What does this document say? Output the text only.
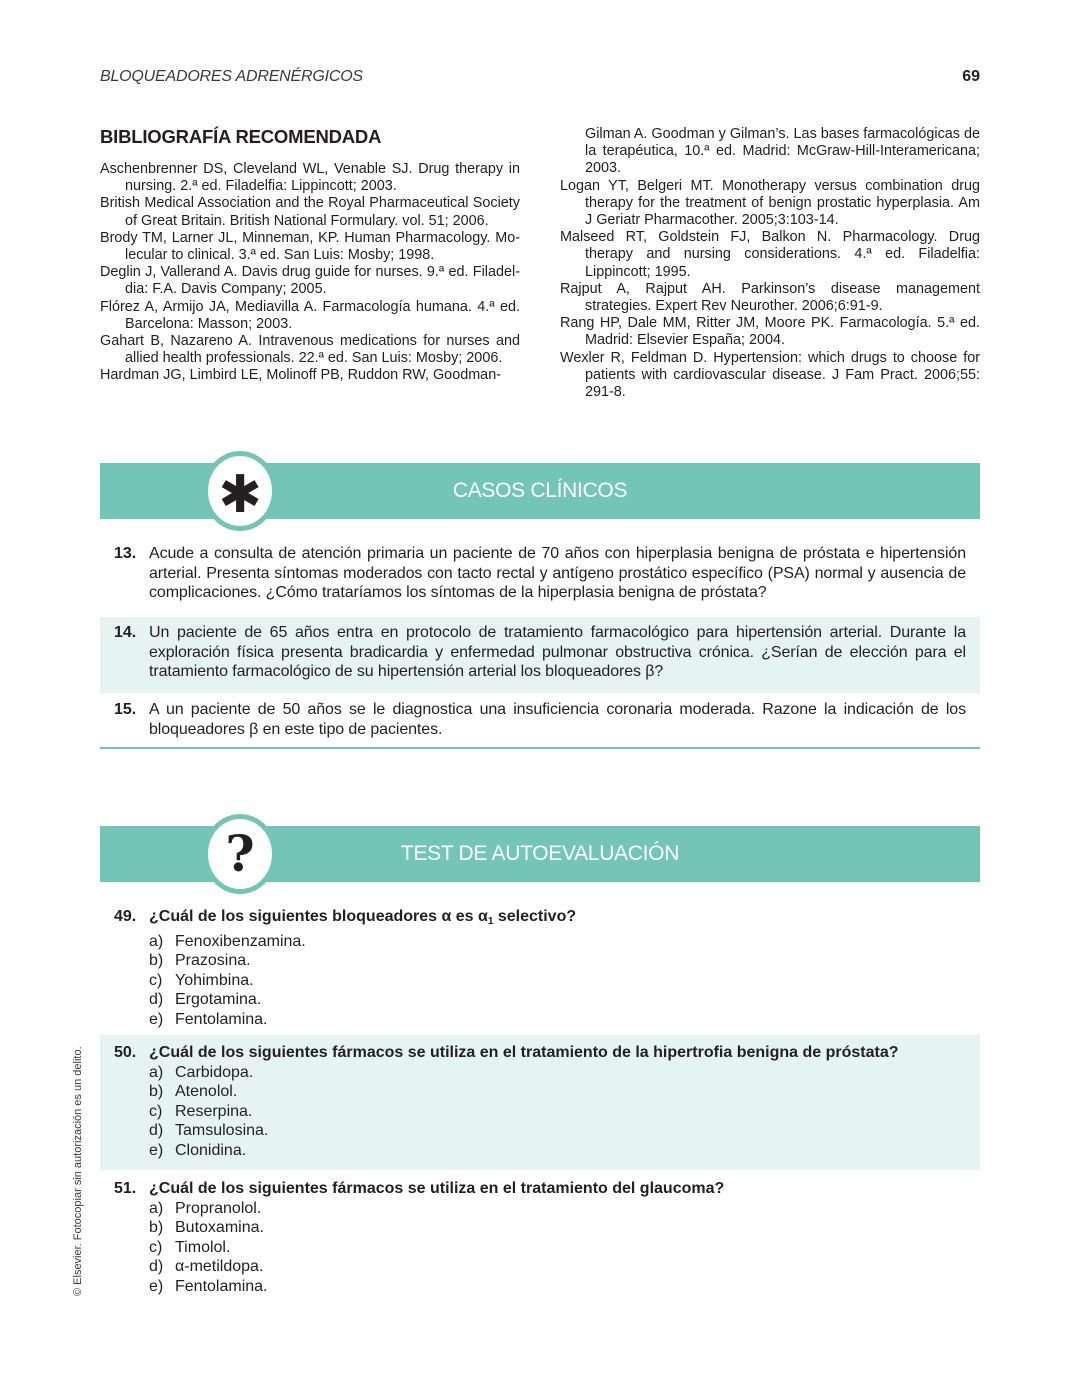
BLOQUEADORES ADRENÉRGICOS	69
BIBLIOGRAFÍA RECOMENDADA
Aschenbrenner DS, Cleveland WL, Venable SJ. Drug therapy in nursing. 2.ª ed. Filadelfia: Lippincott; 2003.
British Medical Association and the Royal Pharmaceutical Society of Great Britain. British National Formulary. vol. 51; 2006.
Brody TM, Larner JL, Minneman, KP. Human Pharmacology. Mo-lecular to clinical. 3.ª ed. San Luis: Mosby; 1998.
Deglin J, Vallerand A. Davis drug guide for nurses. 9.ª ed. Filadel-dia: F.A. Davis Company; 2005.
Flórez A, Armijo JA, Mediavilla A. Farmacología humana. 4.ª ed. Barcelona: Masson; 2003.
Gahart B, Nazareno A. Intravenous medications for nurses and allied health professionals. 22.ª ed. San Luis: Mosby; 2006.
Hardman JG, Limbird LE, Molinoff PB, Ruddon RW, Goodman-
Gilman A. Goodman y Gilman’s. Las bases farmacológicas de la terapéutica, 10.ª ed. Madrid: McGraw-Hill-Interamericana; 2003.
Logan YT, Belgeri MT. Monotherapy versus combination drug therapy for the treatment of benign prostatic hyperplasia. Am J Geriatr Pharmacother. 2005;3:103-14.
Malseed RT, Goldstein FJ, Balkon N. Pharmacology. Drug therapy and nursing considerations. 4.ª ed. Filadelfia: Lippincott; 1995.
Rajput A, Rajput AH. Parkinson’s disease management strategies. Expert Rev Neurother. 2006;6:91-9.
Rang HP, Dale MM, Ritter JM, Moore PK. Farmacología. 5.ª ed. Madrid: Elsevier España; 2004.
Wexler R, Feldman D. Hypertension: which drugs to choose for patients with cardiovascular disease. J Fam Pract. 2006;55: 291-8.
✱	CASOS CLÍNICOS
13. Acude a consulta de atención primaria un paciente de 70 años con hiperplasia benigna de próstata e hipertensión arterial. Presenta síntomas moderados con tacto rectal y antígeno prostático específico (PSA) normal y ausencia de complicaciones. ¿Cómo trataríamos los síntomas de la hiperplasia benigna de próstata?
14. Un paciente de 65 años entra en protocolo de tratamiento farmacológico para hipertensión arterial. Durante la exploración física presenta bradicardia y enfermedad pulmonar obstructiva crónica. ¿Serían de elección para el tratamiento farmacológico de su hipertensión arterial los bloqueadores β?
15. A un paciente de 50 años se le diagnostica una insuficiencia coronaria moderada. Razone la indicación de los bloqueadores β en este tipo de pacientes.
?	TEST DE AUTOEVALUACIÓN
49. ¿Cuál de los siguientes bloqueadores α es $\alpha_1$ selectivo?
a) Fenoxibenzamina.
b) Prazosina.
c) Yohimbina.
d) Ergotamina.
e) Fentolamina.
50. ¿Cuál de los siguientes fármacos se utiliza en el tratamiento de la hipertrofia benigna de próstata?
a) Carbidopa.
b) Atenolol.
c) Reserpina.
d) Tamsulosina.
e) Clonidina.
51. ¿Cuál de los siguientes fármacos se utiliza en el tratamiento del glaucoma?
a) Propranolol.
b) Butoxamina.
c) Timolol.
d) α-metildopa.
e) Fentolamina.
© Elsevier. Fotocopiar sin autorización es un delito.
